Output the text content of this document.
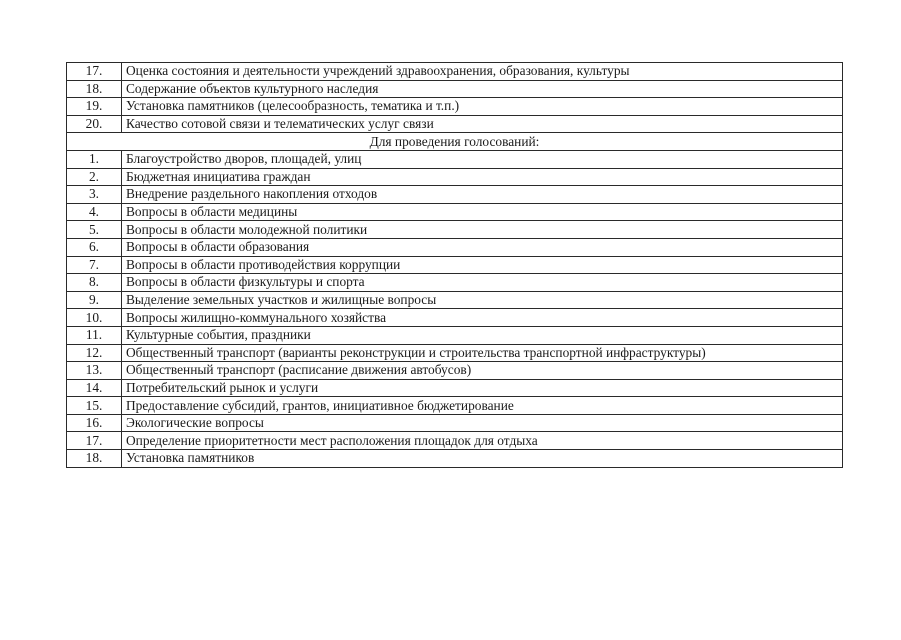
17.	Оценка состояния и деятельности учреждений здравоохранения, образования, культуры
18.	Содержание объектов культурного наследия
19.	Установка памятников (целесообразность, тематика и т.п.)
20.	Качество сотовой связи и телематических услуг связи
Для проведения голосований:	
1.	Благоустройство дворов, площадей, улиц
2.	Бюджетная инициатива граждан
3.	Внедрение раздельного накопления отходов
4.	Вопросы в области медицины
5.	Вопросы в области молодежной политики
6.	Вопросы в области образования
7.	Вопросы в области противодействия коррупции
8.	Вопросы в области физкультуры и спорта
9.	Выделение земельных участков и жилищные вопросы
10.	Вопросы жилищно-коммунального хозяйства
11.	Культурные события, праздники
12.	Общественный транспорт (варианты реконструкции и строительства транспортной инфраструктуры)
13.	Общественный транспорт (расписание движения автобусов)
14.	Потребительский рынок и услуги
15.	Предоставление субсидий, грантов, инициативное бюджетирование
16.	Экологические вопросы
17.	Определение приоритетности мест расположения площадок для отдыха
18.	Установка памятников
